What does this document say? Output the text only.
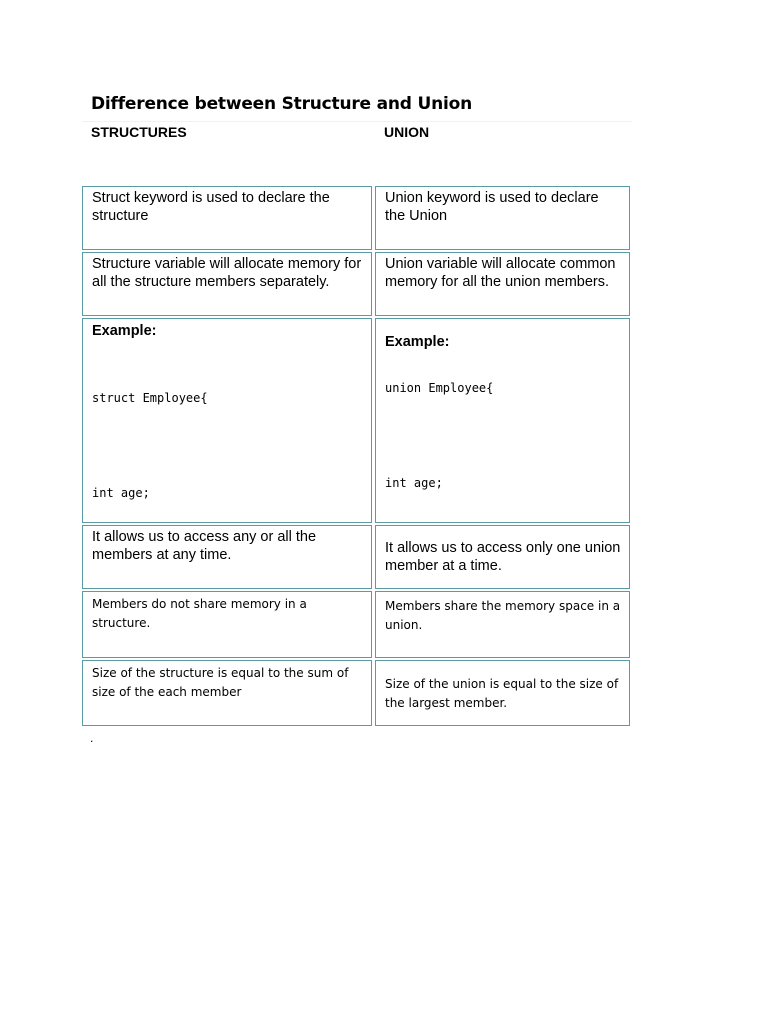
Difference between Structure and Union
STRUCTURES	UNION
Struct keyword is used to declare the structure
Union keyword is used to declare the Union
Structure variable will allocate memory for all the structure members separately.
Union variable will allocate common memory for all the union members.
Example:

struct Employee{

int age;

Example:

union Employee{

int age;

It allows us to access any or all the members at any time.	It allows us to access only one union member at a time.
Members do not share memory in a structure.
Members share the memory space in a union.
Size of the structure is equal to the sum of size of the each member
Size of the union is equal to the size of the largest member.
.
